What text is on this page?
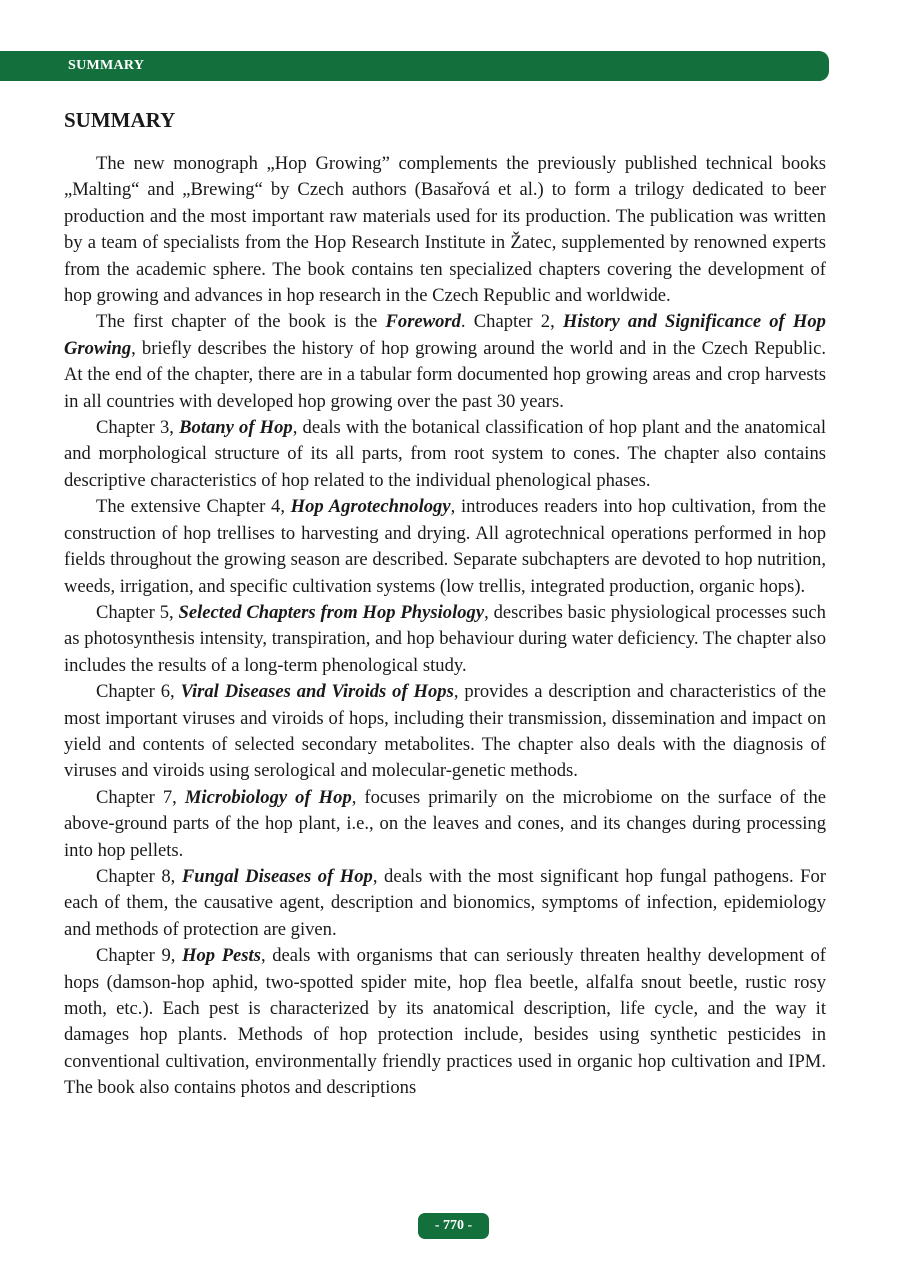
SUMMARY
SUMMARY

The new monograph „Hop Growing” complements the previously published technical books „Malting“ and „Brewing“ by Czech authors (Basařová et al.) to form a trilogy dedicated to beer production and the most important raw materials used for its production. The publication was written by a team of specialists from the Hop Research Institute in Žatec, supplemented by renowned experts from the academic sphere. The book contains ten specialized chapters covering the development of hop growing and advances in hop research in the Czech Republic and worldwide.

The first chapter of the book is the Foreword. Chapter 2, History and Significance of Hop Growing, briefly describes the history of hop growing around the world and in the Czech Republic. At the end of the chapter, there are in a tabular form documented hop growing areas and crop harvests in all countries with developed hop growing over the past 30 years.

Chapter 3, Botany of Hop, deals with the botanical classification of hop plant and the anatomical and morphological structure of its all parts, from root system to cones. The chapter also contains descriptive characteristics of hop related to the individual phenological phases.

The extensive Chapter 4, Hop Agrotechnology, introduces readers into hop cultivation, from the construction of hop trellises to harvesting and drying. All agrotechnical operations performed in hop fields throughout the growing season are described. Separate subchapters are devoted to hop nutrition, weeds, irrigation, and specific cultivation systems (low trellis, integrated production, organic hops).

Chapter 5, Selected Chapters from Hop Physiology, describes basic physiological processes such as photosynthesis intensity, transpiration, and hop behaviour during water deficiency. The chapter also includes the results of a long-term phenological study.

Chapter 6, Viral Diseases and Viroids of Hops, provides a description and characteristics of the most important viruses and viroids of hops, including their transmission, dissemination and impact on yield and contents of selected secondary metabolites. The chapter also deals with the diagnosis of viruses and viroids using serological and molecular-genetic methods.

Chapter 7, Microbiology of Hop, focuses primarily on the microbiome on the surface of the above-ground parts of the hop plant, i.e., on the leaves and cones, and its changes during processing into hop pellets.

Chapter 8, Fungal Diseases of Hop, deals with the most significant hop fungal pathogens. For each of them, the causative agent, description and bionomics, symptoms of infection, epidemiology and methods of protection are given.

Chapter 9, Hop Pests, deals with organisms that can seriously threaten healthy development of hops (damson-hop aphid, two-spotted spider mite, hop flea beetle, alfalfa snout beetle, rustic rosy moth, etc.). Each pest is characterized by its anatomical description, life cycle, and the way it damages hop plants. Methods of hop protection include, besides using synthetic pesticides in conventional cultivation, environmentally friendly practices used in organic hop cultivation and IPM. The book also contains photos and descriptions

- 770 -
